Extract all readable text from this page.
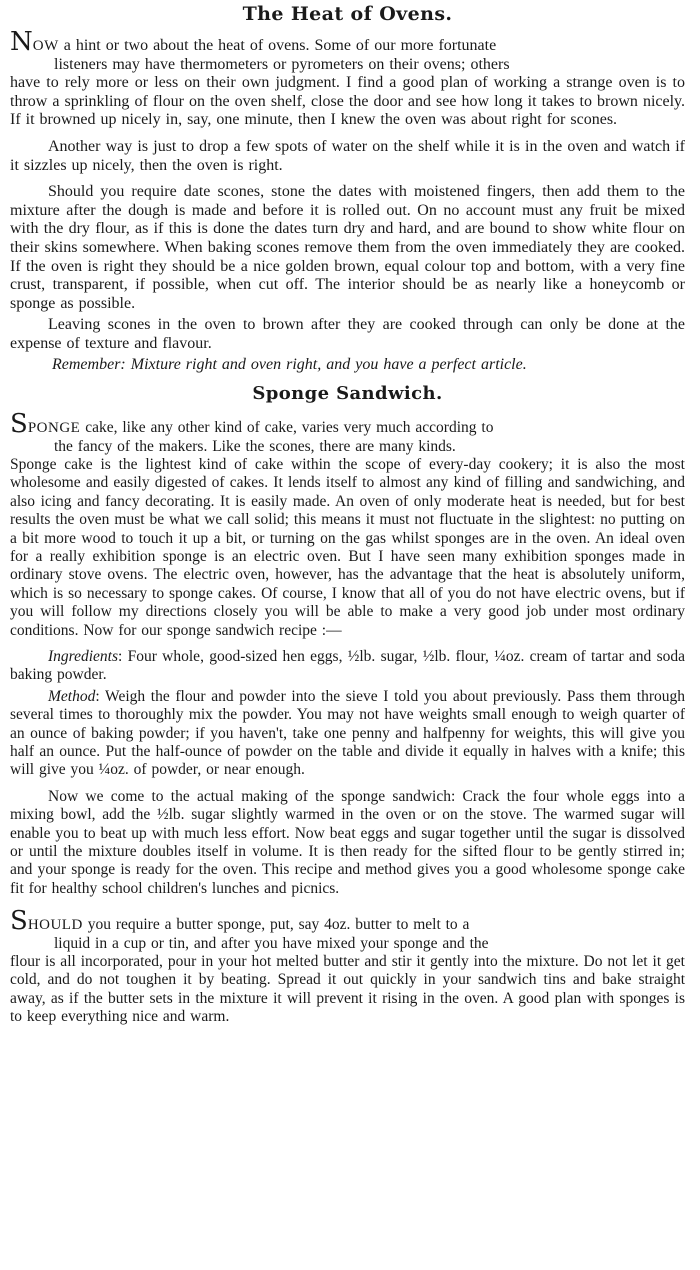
The Heat of Ovens.

NOW a hint or two about the heat of ovens. Some of our more fortunate
listeners may have thermometers or pyrometers on their ovens; others
have to rely more or less on their own judgment. I find a good plan of working a strange oven is to throw a sprinkling of flour on the oven shelf, close the door and see how long it takes to brown nicely. If it browned up nicely in, say, one minute, then I knew the oven was about right for scones.

Another way is just to drop a few spots of water on the shelf while it is in the oven and watch if it sizzles up nicely, then the oven is right.

Should you require date scones, stone the dates with moistened fingers, then add them to the mixture after the dough is made and before it is rolled out. On no account must any fruit be mixed with the dry flour, as if this is done the dates turn dry and hard, and are bound to show white flour on their skins somewhere. When baking scones remove them from the oven immediately they are cooked. If the oven is right they should be a nice golden brown, equal colour top and bottom, with a very fine crust, transparent, if possible, when cut off. The interior should be as nearly like a honeycomb or sponge as possible.

Leaving scones in the oven to brown after they are cooked through can only be done at the expense of texture and flavour.

Remember: Mixture right and oven right, and you have a perfect article.

Sponge Sandwich.

SPONGE cake, like any other kind of cake, varies very much according to
the fancy of the makers. Like the scones, there are many kinds.
Sponge cake is the lightest kind of cake within the scope of every-day cookery; it is also the most wholesome and easily digested of cakes. It lends itself to almost any kind of filling and sandwiching, and also icing and fancy decorating. It is easily made. An oven of only moderate heat is needed, but for best results the oven must be what we call solid; this means it must not fluctuate in the slightest: no putting on a bit more wood to touch it up a bit, or turning on the gas whilst sponges are in the oven. An ideal oven for a really exhibition sponge is an electric oven. But I have seen many exhibition sponges made in ordinary stove ovens. The electric oven, however, has the advantage that the heat is absolutely uniform, which is so necessary to sponge cakes. Of course, I know that all of you do not have electric ovens, but if you will follow my directions closely you will be able to make a very good job under most ordinary conditions. Now for our sponge sandwich recipe :—

Ingredients: Four whole, good-sized hen eggs, ½lb. sugar, ½lb. flour, ¼oz. cream of tartar and soda baking powder.

Method: Weigh the flour and powder into the sieve I told you about previously. Pass them through several times to thoroughly mix the powder. You may not have weights small enough to weigh quarter of an ounce of baking powder; if you haven't, take one penny and halfpenny for weights, this will give you half an ounce. Put the half-ounce of powder on the table and divide it equally in halves with a knife; this will give you ¼oz. of powder, or near enough.

Now we come to the actual making of the sponge sandwich: Crack the four whole eggs into a mixing bowl, add the ½lb. sugar slightly warmed in the oven or on the stove. The warmed sugar will enable you to beat up with much less effort. Now beat eggs and sugar together until the sugar is dissolved or until the mixture doubles itself in volume. It is then ready for the sifted flour to be gently stirred in; and your sponge is ready for the oven. This recipe and method gives you a good wholesome sponge cake fit for healthy school children's lunches and picnics.

SHOULD you require a butter sponge, put, say 4oz. butter to melt to a
liquid in a cup or tin, and after you have mixed your sponge and the
flour is all incorporated, pour in your hot melted butter and stir it gently into the mixture. Do not let it get cold, and do not toughen it by beating. Spread it out quickly in your sandwich tins and bake straight away, as if the butter sets in the mixture it will prevent it rising in the oven. A good plan with sponges is to keep everything nice and warm.
